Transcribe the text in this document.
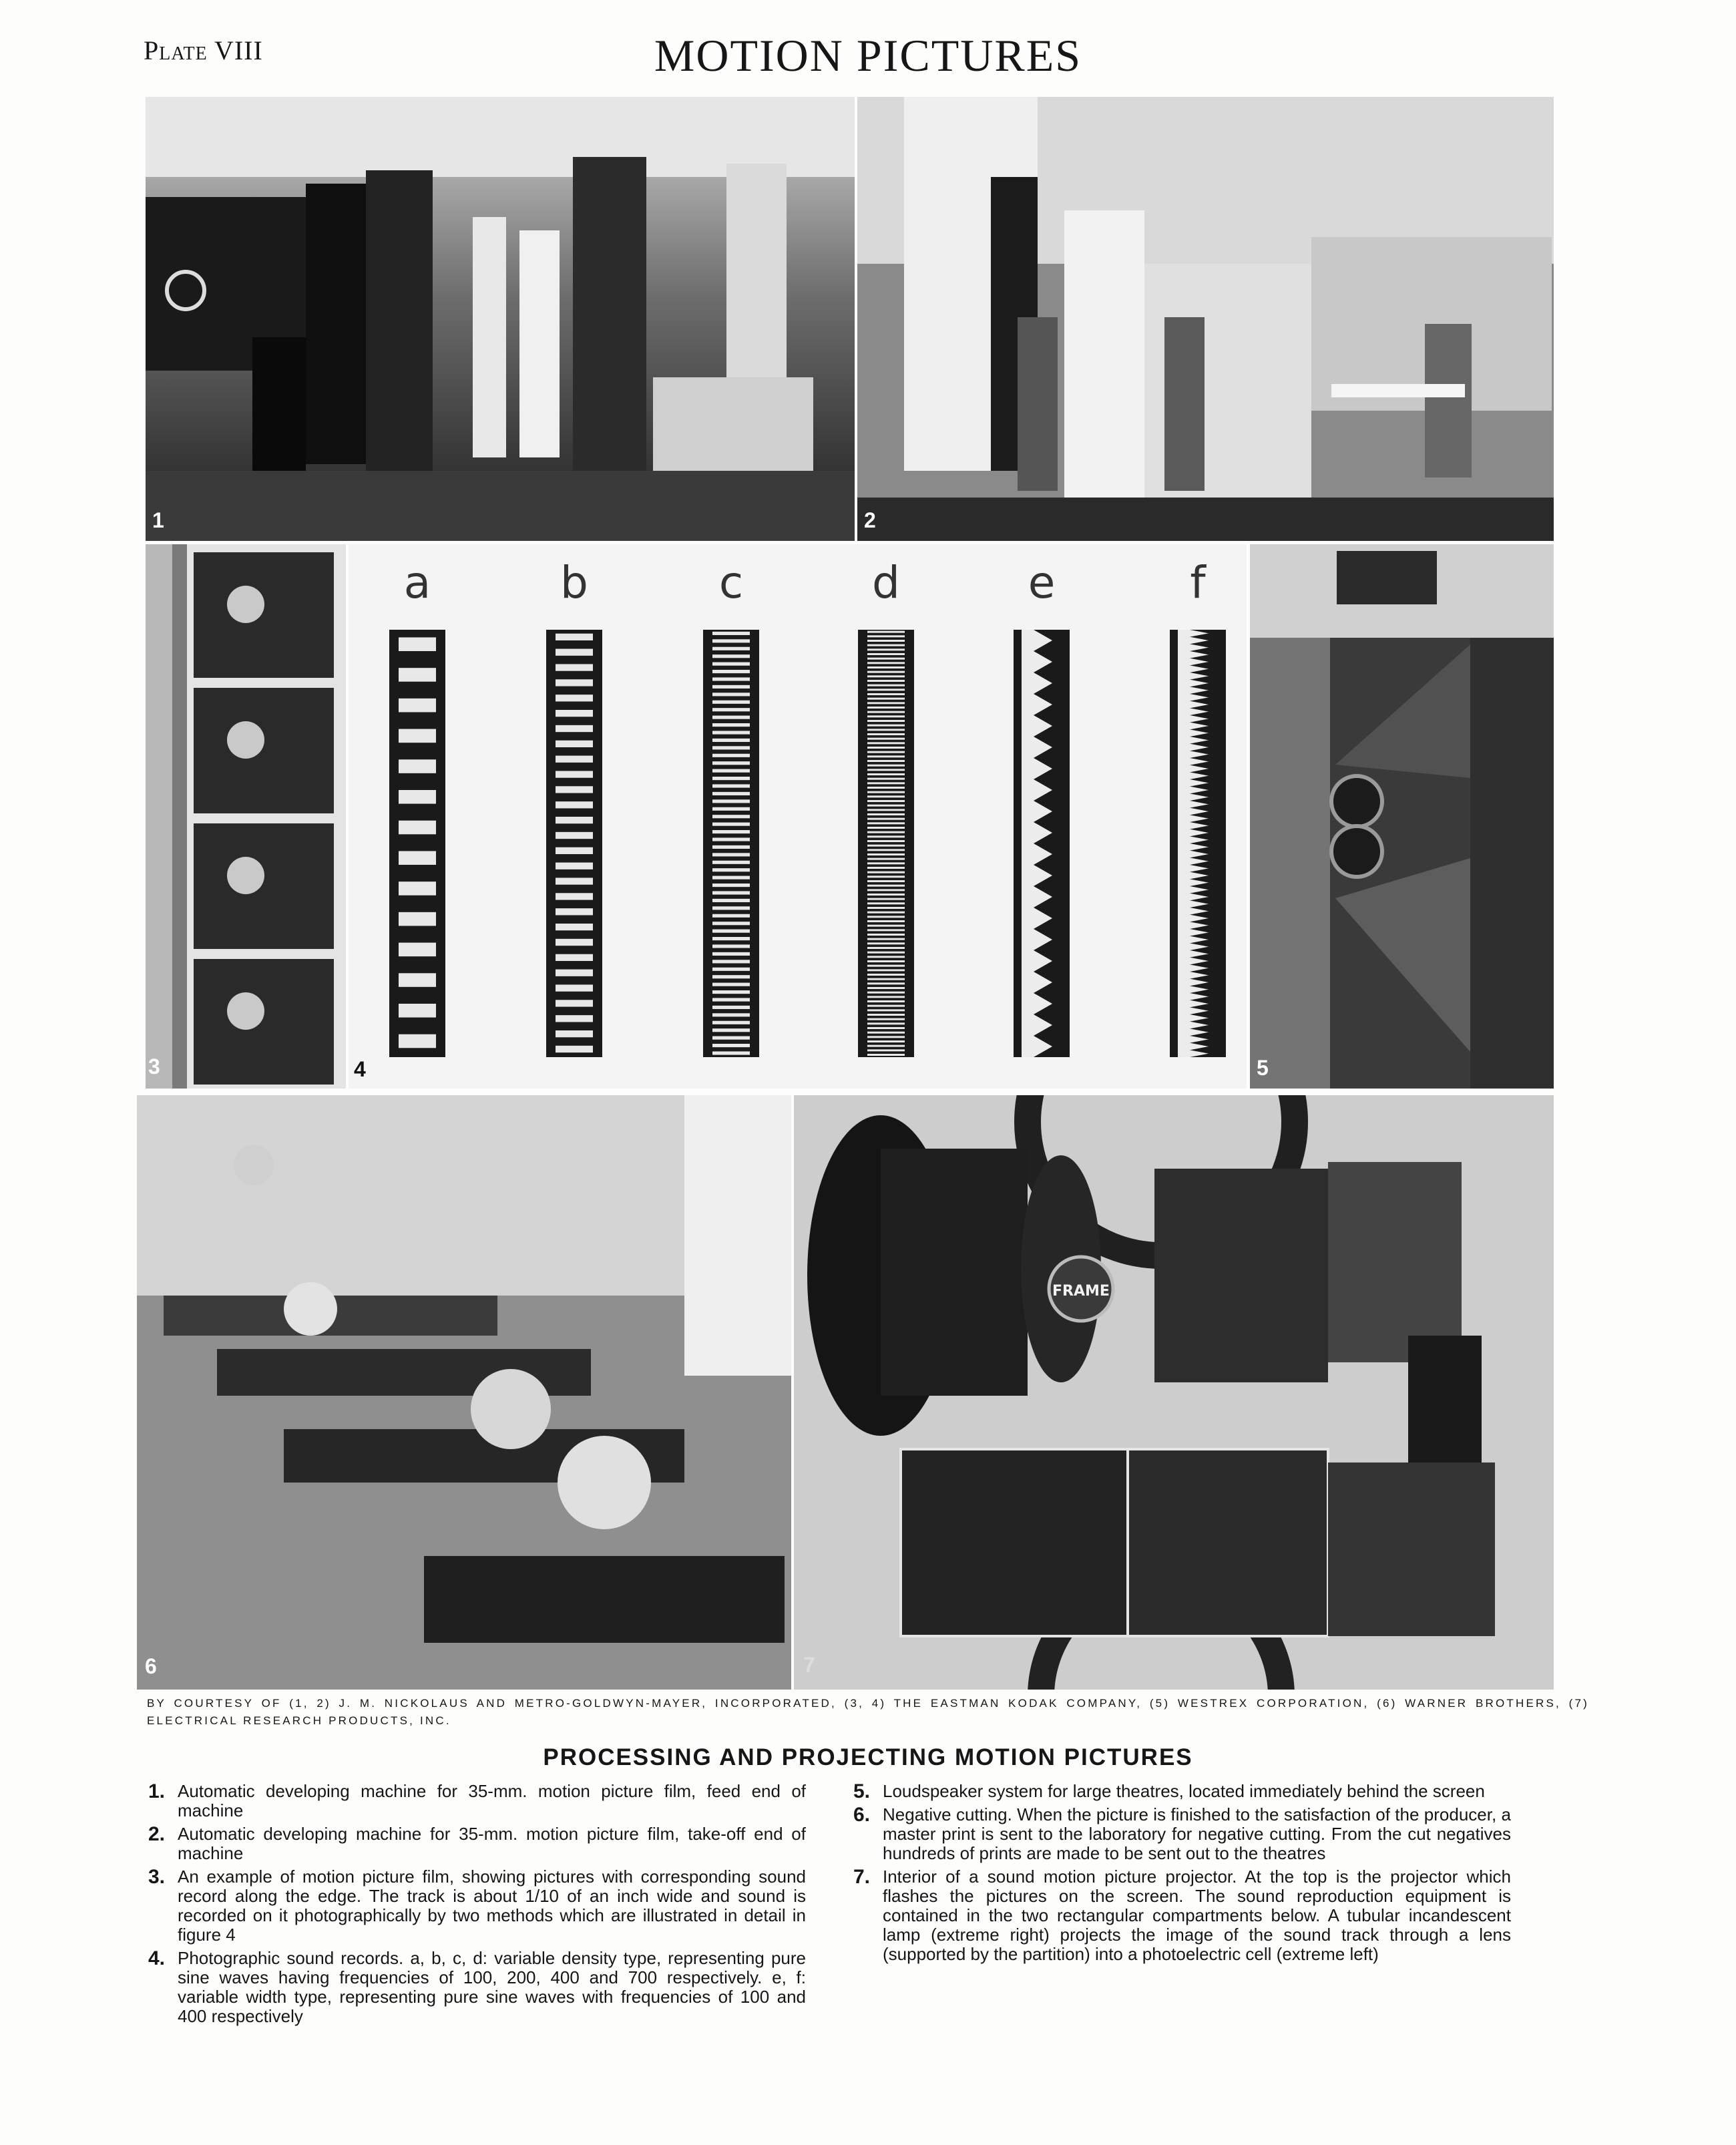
Plate VIII	MOTION PICTURES
1	2
3
a	b	c	d	e	f
4	5
6
FRAME
7
BY COURTESY OF (1, 2) J. M. NICKOLAUS AND METRO-GOLDWYN-MAYER, INCORPORATED, (3, 4) THE EASTMAN KODAK COMPANY, (5) WESTREX CORPORATION, (6) WARNER BROTHERS, (7) ELECTRICAL RESEARCH PRODUCTS, INC.
PROCESSING AND PROJECTING MOTION PICTURES
1. Automatic developing machine for 35-mm. motion picture film, feed end of machine
2. Automatic developing machine for 35-mm. motion picture film, take-off end of machine
3. An example of motion picture film, showing pictures with corresponding sound record along the edge. The track is about 1/10 of an inch wide and sound is recorded on it photographically by two methods which are illustrated in detail in figure 4
4. Photographic sound records. a, b, c, d: variable density type, representing pure sine waves having frequencies of 100, 200, 400 and 700 respectively. e, f: variable width type, representing pure sine waves with frequencies of 100 and 400 respectively
5. Loudspeaker system for large theatres, located immediately behind the screen
6. Negative cutting. When the picture is finished to the satisfaction of the producer, a master print is sent to the laboratory for negative cutting. From the cut negatives hundreds of prints are made to be sent out to the theatres
7. Interior of a sound motion picture projector. At the top is the projector which flashes the pictures on the screen. The sound reproduction equipment is contained in the two rectangular compartments below. A tubular incandescent lamp (extreme right) projects the image of the sound track through a lens (supported by the partition) into a photoelectric cell (extreme left)
